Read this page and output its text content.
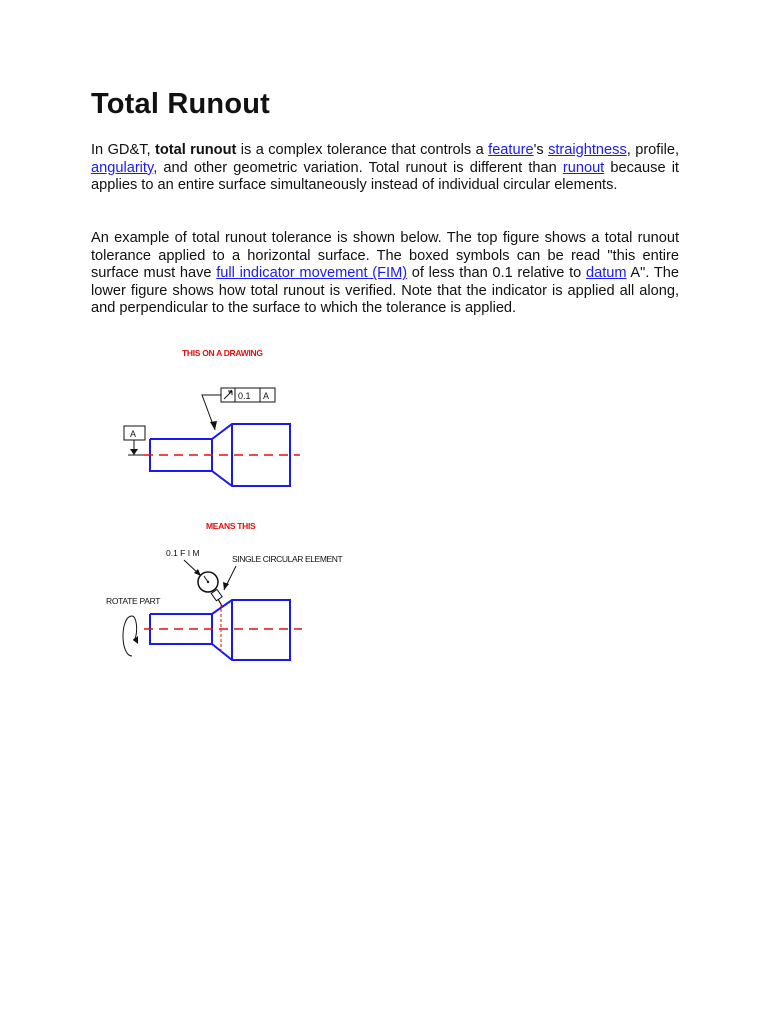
Total Runout

In GD&T, total runout is a complex tolerance that controls a feature's straightness, profile, angularity, and other geometric variation. Total runout is different than runout because it applies to an entire surface simultaneously instead of individual circular elements.

An example of total runout tolerance is shown below. The top figure shows a total runout tolerance applied to a horizontal surface. The boxed symbols can be read "this entire surface must have full indicator movement (FIM) of less than 0.1 relative to datum A". The lower figure shows how total runout is verified. Note that the indicator is applied all along, and perpendicular to the surface to which the tolerance is applied.

THIS ON A DRAWING
0.1 A
A
MEANS THIS
0.1 F I M
SINGLE CIRCULAR ELEMENT
ROTATE PART
